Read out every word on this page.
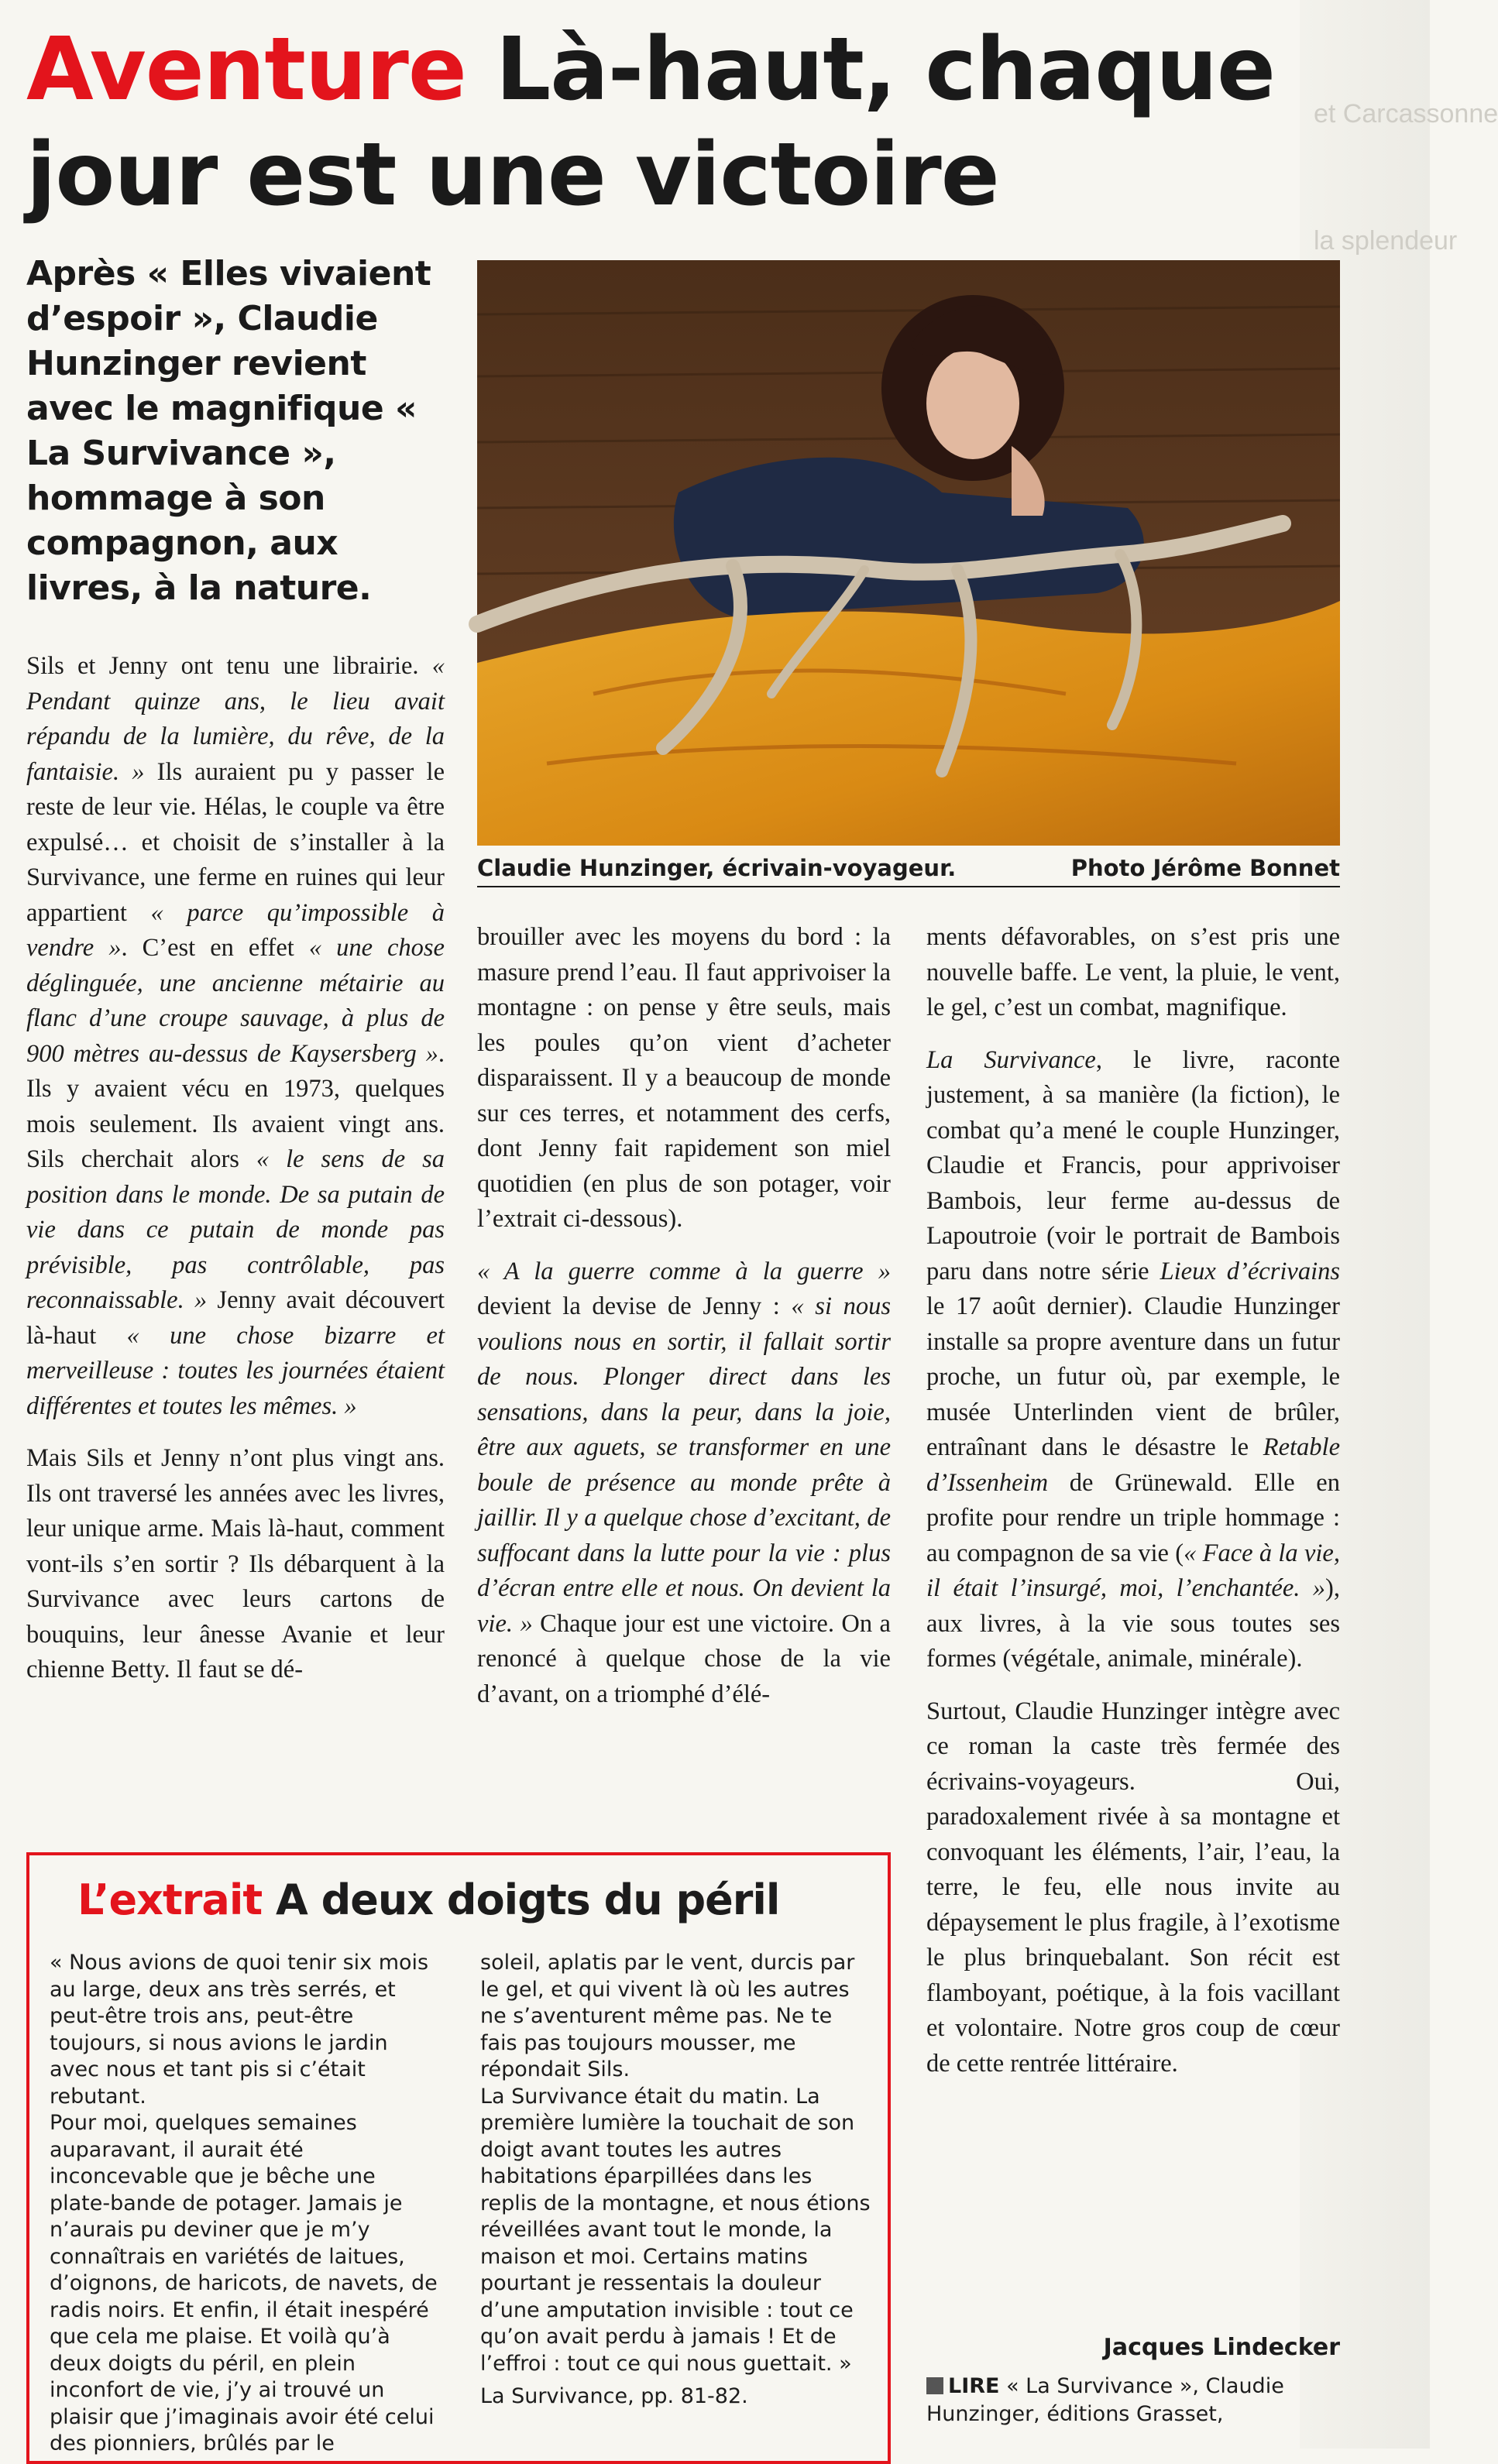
et Carcassonne
la splendeur
Aventure Là-haut, chaque jour est une victoire
Après « Elles vivaient d’espoir », Claudie Hunzinger revient avec le magnifique « La Survivance », hommage à son compagnon, aux livres, à la nature.
Claudie Hunzinger, écrivain-voyageur.	Photo Jérôme Bonnet

Sils et Jenny ont tenu une librairie. « Pendant quinze ans, le lieu avait répandu de la lumière, du rêve, de la fantaisie. » Ils auraient pu y passer le reste de leur vie. Hélas, le couple va être expulsé… et choisit de s’installer à la Survivance, une ferme en ruines qui leur appartient « parce qu’impossible à vendre ». C’est en effet « une chose déglinguée, une ancienne métairie au flanc d’une croupe sauvage, à plus de 900 mètres au-dessus de Kaysersberg ». Ils y avaient vécu en 1973, quelques mois seulement. Ils avaient vingt ans. Sils cherchait alors « le sens de sa position dans le monde. De sa putain de vie dans ce putain de monde pas prévisible, pas contrôlable, pas reconnaissable. » Jenny avait découvert là-haut « une chose bizarre et merveilleuse : toutes les journées étaient différentes et toutes les mêmes. »

Mais Sils et Jenny n’ont plus vingt ans. Ils ont traversé les années avec les livres, leur unique arme. Mais là-haut, comment vont-ils s’en sortir ? Ils débarquent à la Survivance avec leurs cartons de bouquins, leur ânesse Avanie et leur chienne Betty. Il faut se dé-

brouiller avec les moyens du bord : la masure prend l’eau. Il faut apprivoiser la montagne : on pense y être seuls, mais les poules qu’on vient d’acheter disparaissent. Il y a beaucoup de monde sur ces terres, et notamment des cerfs, dont Jenny fait rapidement son miel quotidien (en plus de son potager, voir l’extrait ci-dessous).

« A la guerre comme à la guerre » devient la devise de Jenny : « si nous voulions nous en sortir, il fallait sortir de nous. Plonger direct dans les sensations, dans la peur, dans la joie, être aux aguets, se transformer en une boule de présence au monde prête à jaillir. Il y a quelque chose d’excitant, de suffocant dans la lutte pour la vie : plus d’écran entre elle et nous. On devient la vie. » Chaque jour est une victoire. On a renoncé à quelque chose de la vie d’avant, on a triomphé d’élé-

ments défavorables, on s’est pris une nouvelle baffe. Le vent, la pluie, le vent, le gel, c’est un combat, magnifique.

La Survivance, le livre, raconte justement, à sa manière (la fiction), le combat qu’a mené le couple Hunzinger, Claudie et Francis, pour apprivoiser Bambois, leur ferme au-dessus de Lapoutroie (voir le portrait de Bambois paru dans notre série Lieux d’écrivains le 17 août dernier). Claudie Hunzinger installe sa propre aventure dans un futur proche, un futur où, par exemple, le musée Unterlinden vient de brûler, entraînant dans le désastre le Retable d’Issenheim de Grünewald. Elle en profite pour rendre un triple hommage : au compagnon de sa vie (« Face à la vie, il était l’insurgé, moi, l’enchantée. »), aux livres, à la vie sous toutes ses formes (végétale, animale, minérale).

Surtout, Claudie Hunzinger intègre avec ce roman la caste très fermée des écrivains-voyageurs. Oui, paradoxalement rivée à sa montagne et convoquant les éléments, l’air, l’eau, la terre, le feu, elle nous invite au dépaysement le plus fragile, à l’exotisme le plus brinquebalant. Son récit est flamboyant, poétique, à la fois vacillant et volontaire. Notre gros coup de cœur de cette rentrée littéraire.

Jacques Lindecker
LIRE « La Survivance », Claudie Hunzinger, éditions Grasset,
L’extrait A deux doigts du péril
« Nous avions de quoi tenir six mois au large, deux ans très serrés, et peut-être trois ans, peut-être toujours, si nous avions le jardin avec nous et tant pis si c’était rebutant.
Pour moi, quelques semaines auparavant, il aurait été inconcevable que je bêche une plate-bande de potager. Jamais je n’aurais pu deviner que je m’y connaîtrais en variétés de laitues, d’oignons, de haricots, de navets, de radis noirs. Et enfin, il était inespéré que cela me plaise. Et voilà qu’à deux doigts du péril, en plein inconfort de vie, j’y ai trouvé un plaisir que j’imaginais avoir été celui des pionniers, brûlés par le
soleil, aplatis par le vent, durcis par le gel, et qui vivent là où les autres ne s’aventurent même pas. Ne te fais pas toujours mousser, me répondait Sils.
La Survivance était du matin. La première lumière la touchait de son doigt avant toutes les autres habitations éparpillées dans les replis de la montagne, et nous étions réveillées avant tout le monde, la maison et moi. Certains matins pourtant je ressentais la douleur d’une amputation invisible : tout ce qu’on avait perdu à jamais ! Et de l’effroi : tout ce qui nous guettait. »
La Survivance, pp. 81-82.
